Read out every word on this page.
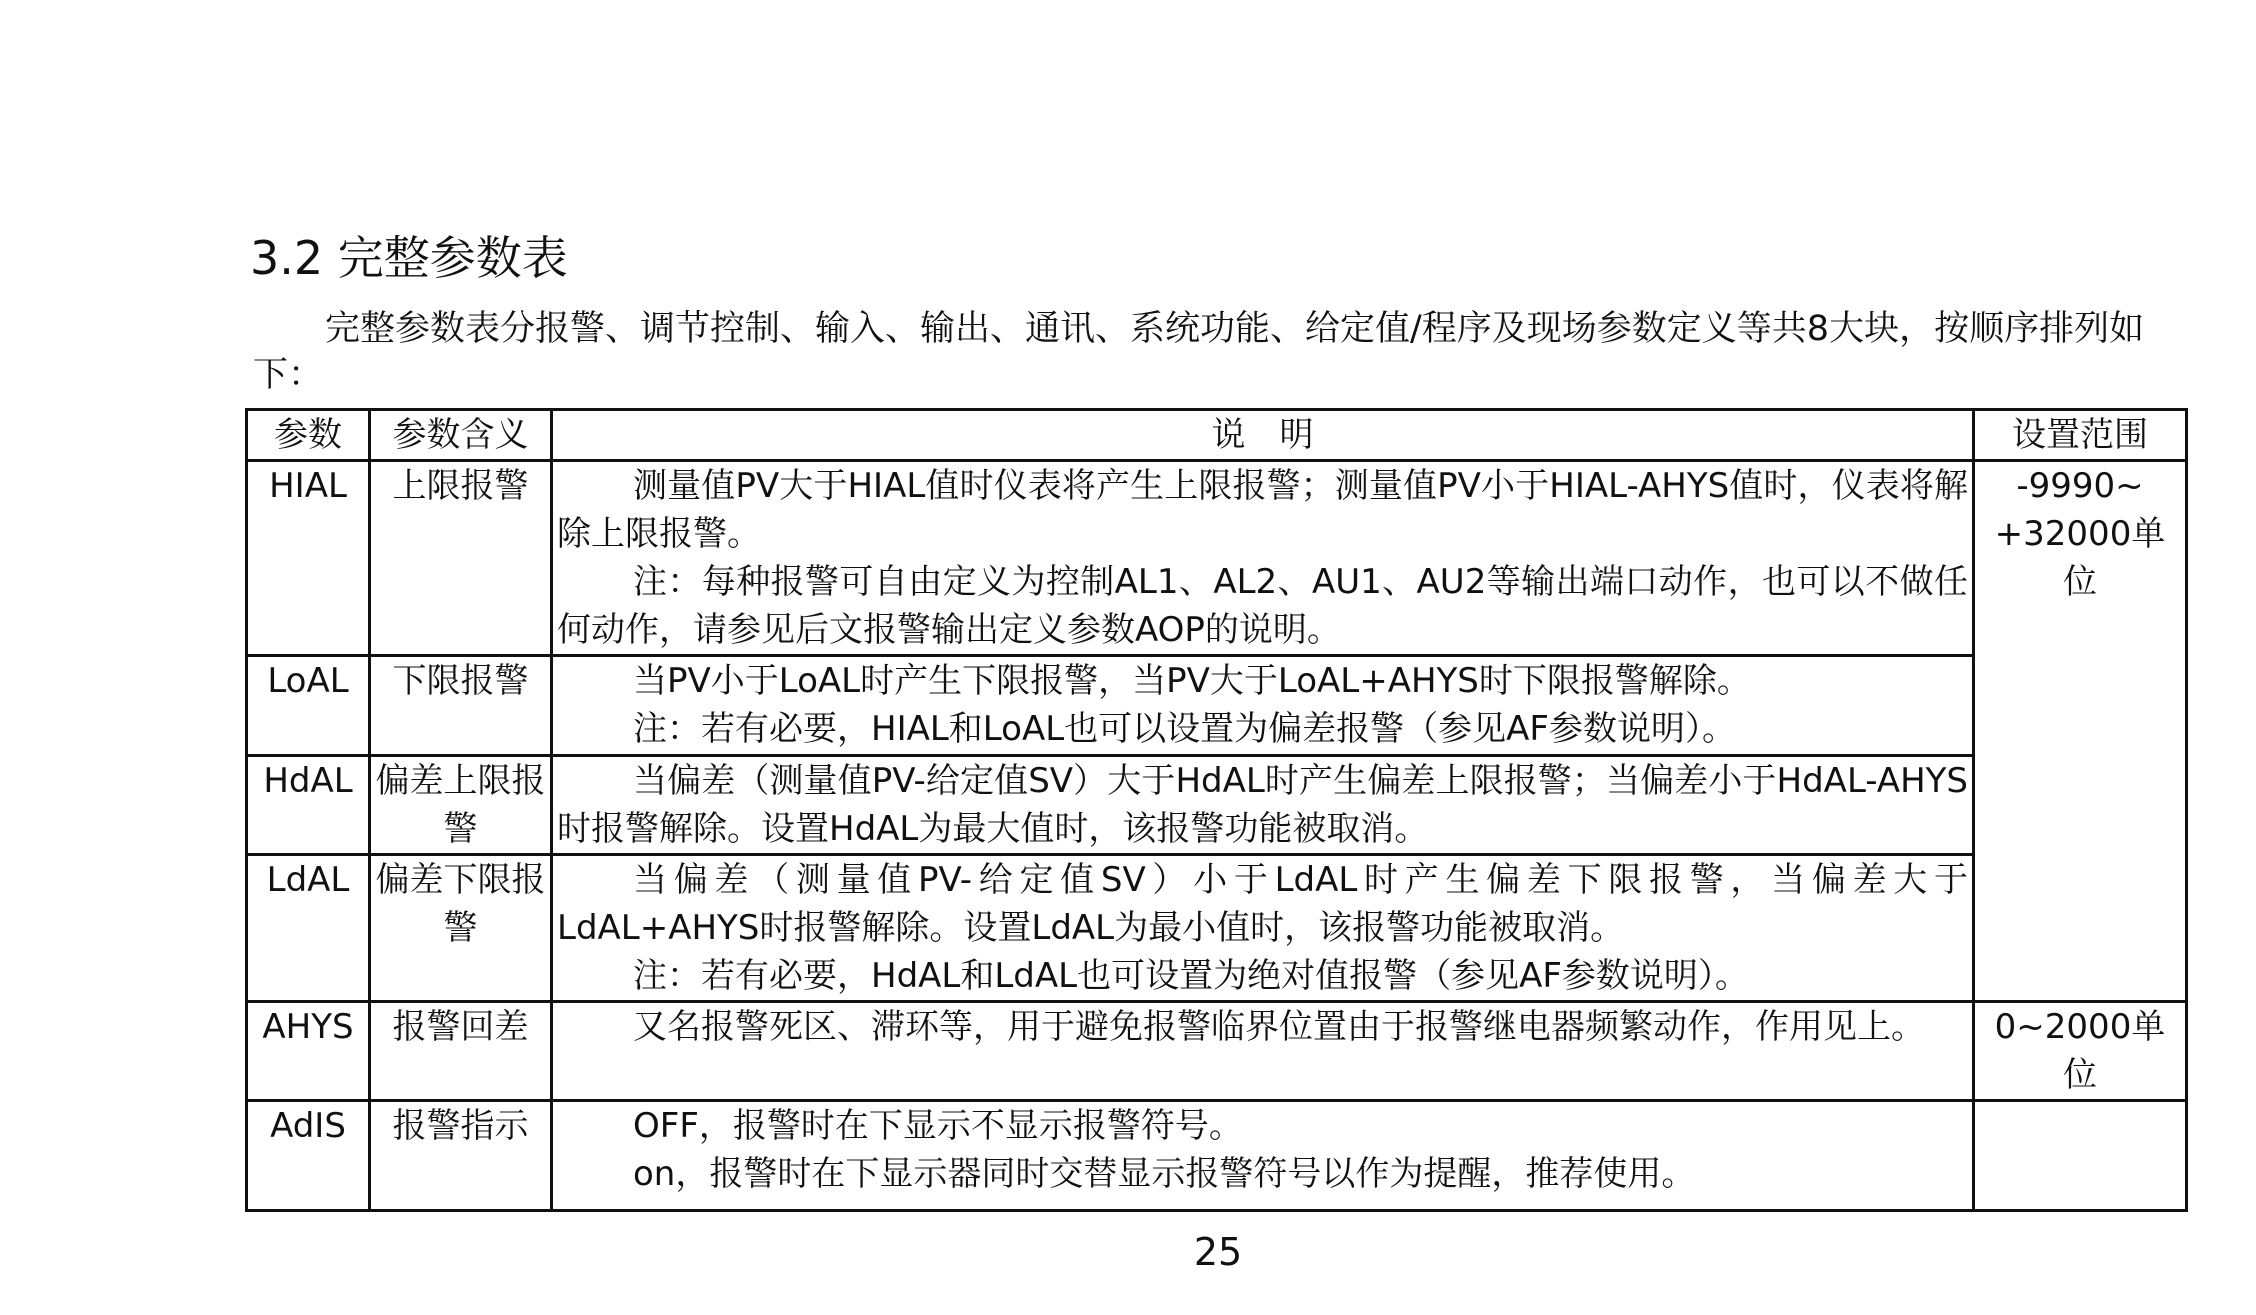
3.2 完整参数表
完整参数表分报警、调节控制、输入、输出、通讯、系统功能、给定值/程序及现场参数定义等共8大块，按顺序排列如下：
参数	参数含义	说　明	设置范围
HIAL	上限报警	测量值PV大于HIAL值时仪表将产生上限报警；测量值PV小于HIAL-AHYS值时，仪表将解除上限报警。

注：每种报警可自由定义为控制AL1、AL2、AU1、AU2等输出端口动作，也可以不做任何动作，请参见后文报警输出定义参数AOP的说明。	-9990~ +32000单位
LoAL	下限报警	当PV小于LoAL时产生下限报警，当PV大于LoAL+AHYS时下限报警解除。

注：若有必要，HIAL和LoAL也可以设置为偏差报警（参见AF参数说明）。	

HdAL	偏差上限报警	当偏差（测量值PV-给定值SV）大于HdAL时产生偏差上限报警；当偏差小于HdAL-AHYS时报警解除。设置HdAL为最大值时，该报警功能被取消。	

LdAL	偏差下限报警	当偏差（测量值PV-给定值SV）小于LdAL时产生偏差下限报警，当偏差大于LdAL+AHYS时报警解除。设置LdAL为最小值时，该报警功能被取消。

注：若有必要，HdAL和LdAL也可设置为绝对值报警（参见AF参数说明）。	

AHYS	报警回差	又名报警死区、滞环等，用于避免报警临界位置由于报警继电器频繁动作，作用见上。	0~2000单位
AdIS	报警指示	OFF，报警时在下显示不显示报警符号。

on，报警时在下显示器同时交替显示报警符号以作为提醒，推荐使用。	

25
